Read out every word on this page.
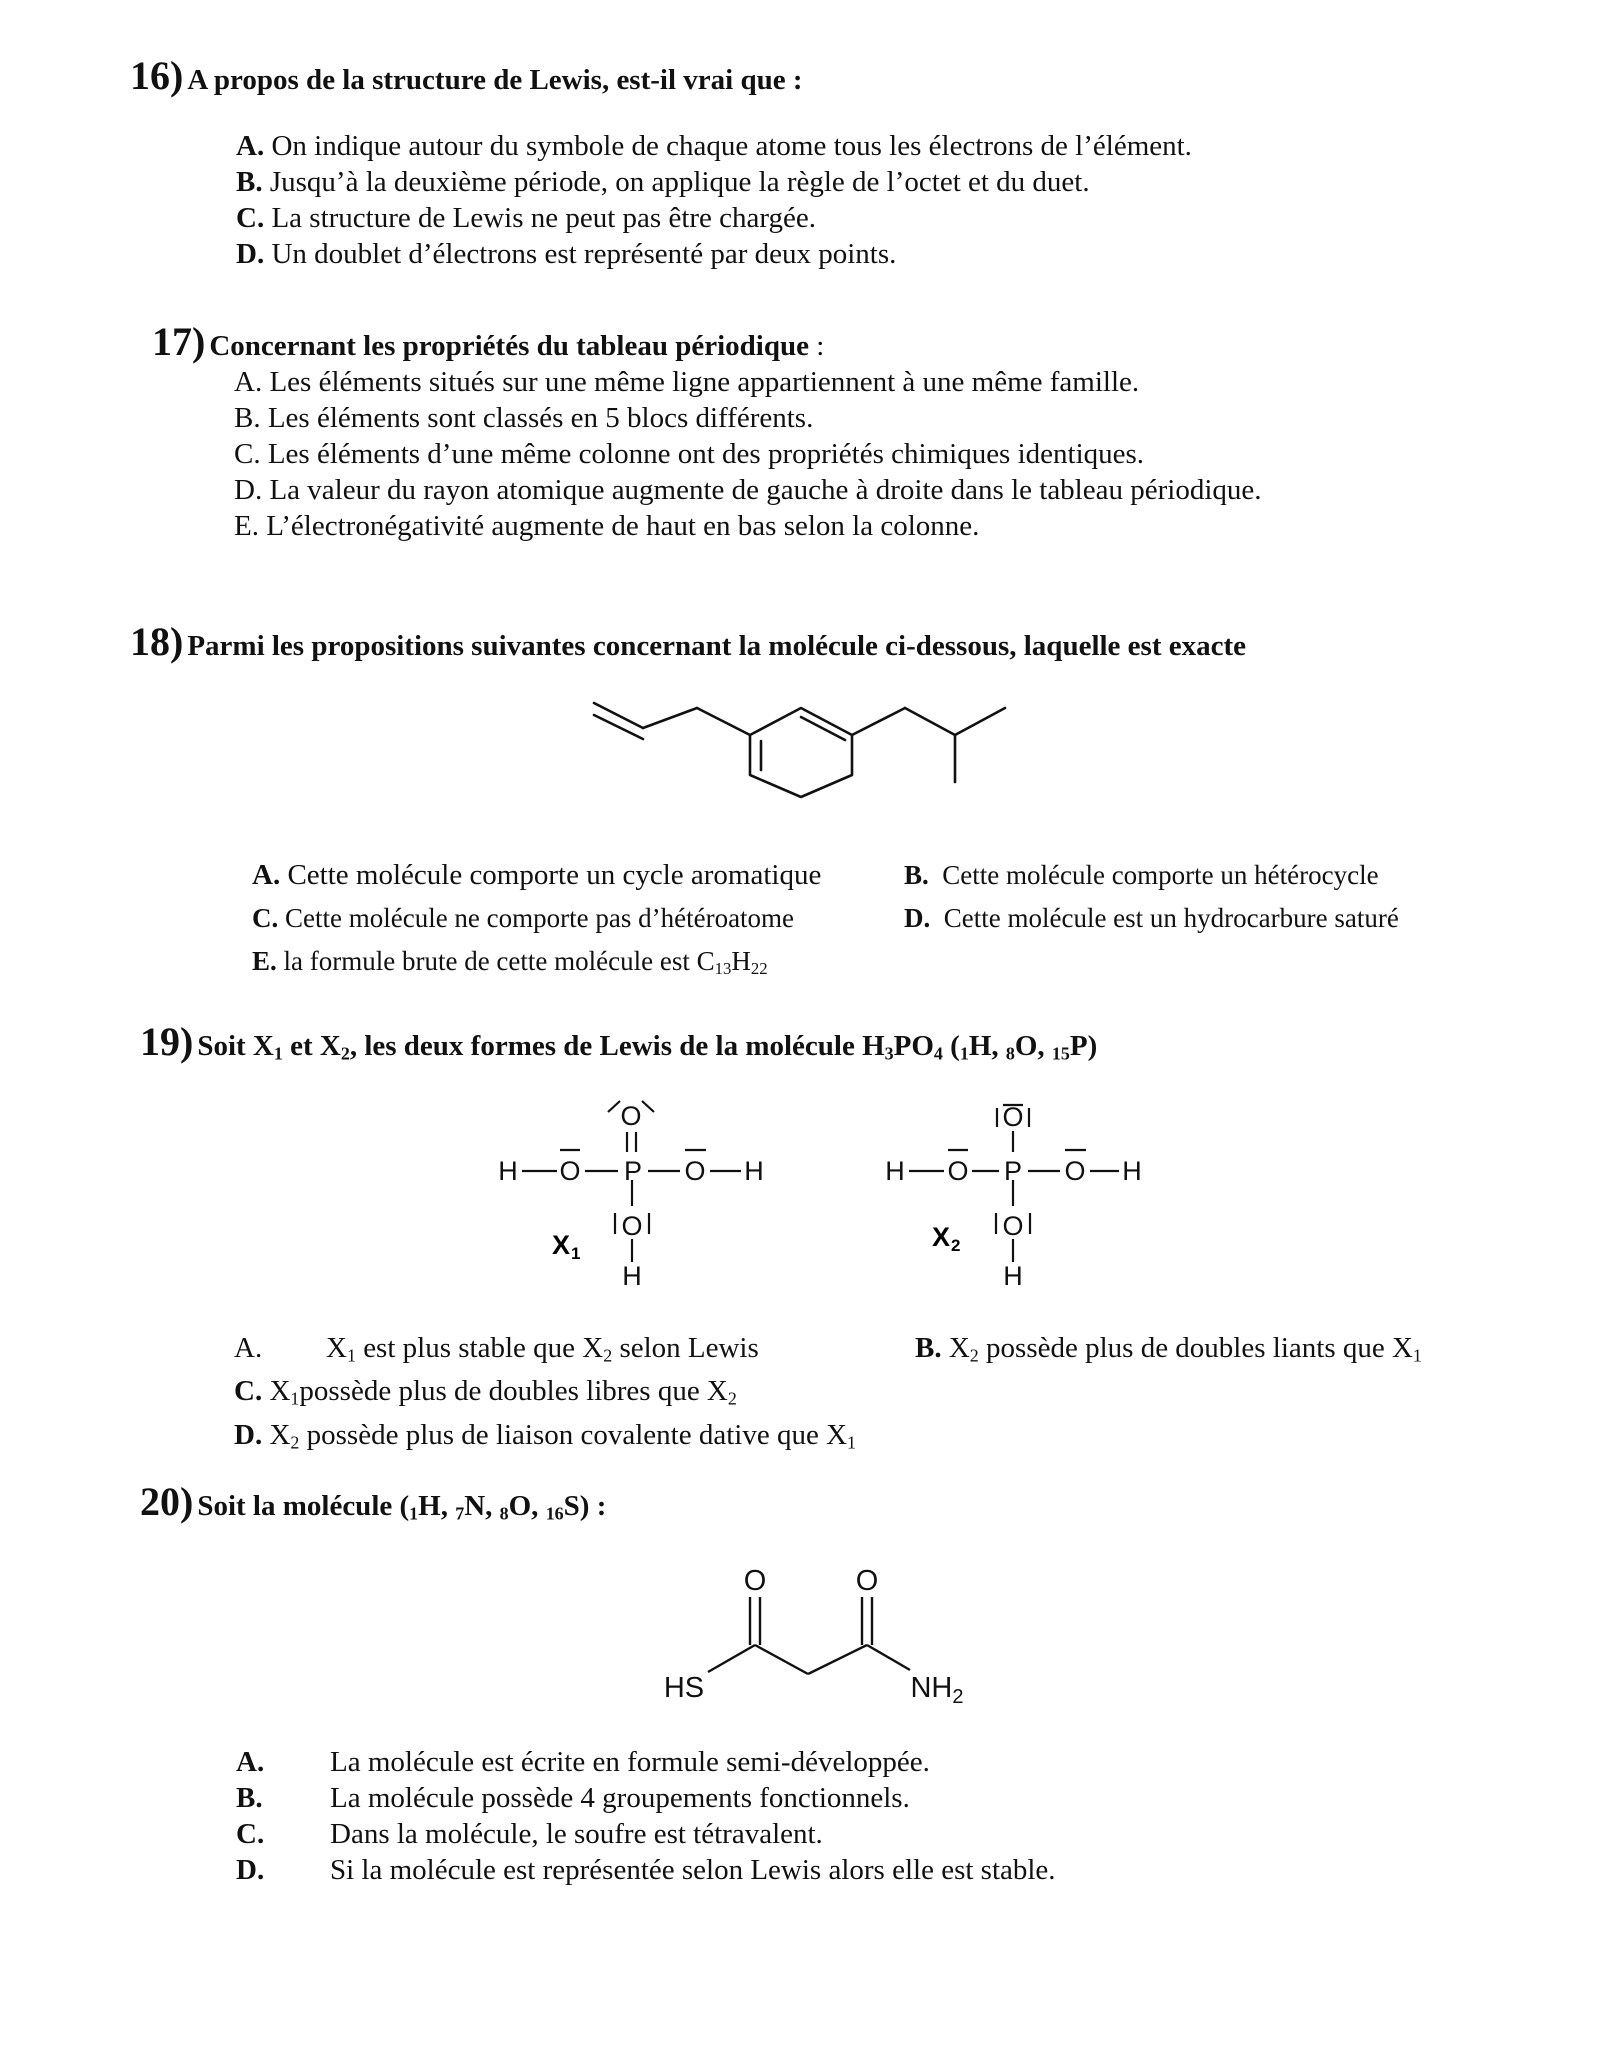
16) A propos de la structure de Lewis, est-il vrai que :
A. On indique autour du symbole de chaque atome tous les électrons de l’élément.
B. Jusqu’à la deuxième période, on applique la règle de l’octet et du duet.
C. La structure de Lewis ne peut pas être chargée.
D. Un doublet d’électrons est représenté par deux points.
17) Concernant les propriétés du tableau périodique :
A. Les éléments situés sur une même ligne appartiennent à une même famille.
B. Les éléments sont classés en 5 blocs différents.
C. Les éléments d’une même colonne ont des propriétés chimiques identiques.
D. La valeur du rayon atomique augmente de gauche à droite dans le tableau périodique.
E. L’électronégativité augmente de haut en bas selon la colonne.
18) Parmi les propositions suivantes concernant la molécule ci-dessous, laquelle est exacte
A. Cette molécule comporte un cycle aromatique
C. Cette molécule ne comporte pas d’hétéroatome
E. la formule brute de cette molécule est $C_{13}H_{22}$
B. Cette molécule comporte un hétérocycle
D. Cette molécule est un hydrocarbure saturé
19) Soit $X_1$ et $X_2$, les deux formes de Lewis de la molécule $H_3PO_4$ ($_1H$, $_8$O, $_{15}$P)
H O P O H
O
O
H
X 1
H O P O H
O
O
H
X 2
A. $X_1$ est plus stable que $X_2$ selon Lewis
C. $X_1possède$ plus de doubles libres que $X_2$
D. $X_2$ possède plus de liaison covalente dative que $X_1$
B. $X_2$ possède plus de doubles liants que $X_1$
20) Soit la molécule ($_1H$, $_7$N, $_8$O, $_{16}$S) :
O	O
HS	$NH_2$
A. La molécule est écrite en formule semi-développée.
B. La molécule possède 4 groupements fonctionnels.
C. Dans la molécule, le soufre est tétravalent.
D. Si la molécule est représentée selon Lewis alors elle est stable.
